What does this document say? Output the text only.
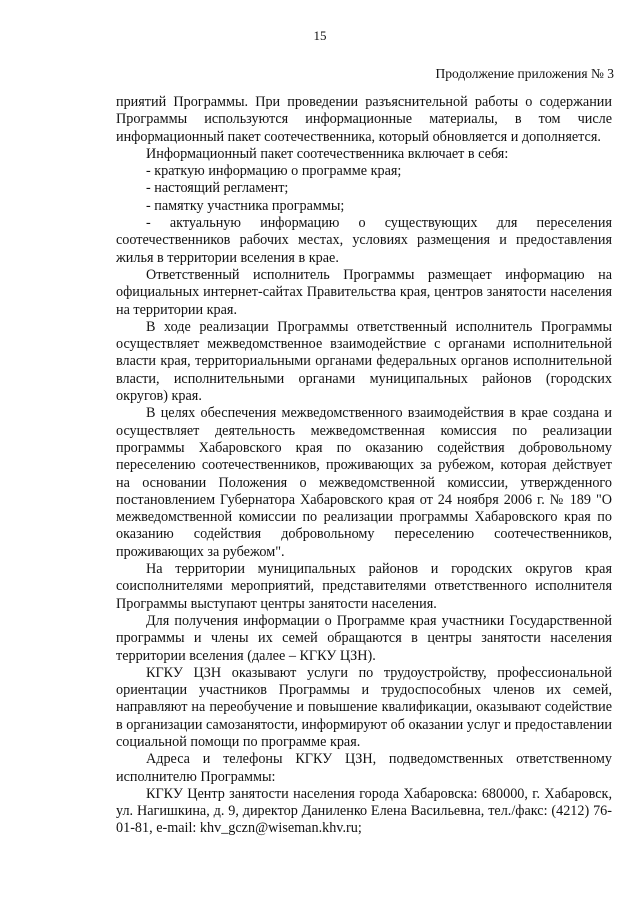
15
Продолжение приложения № 3

приятий Программы. При проведении разъяснительной работы о содержании Программы используются информационные материалы, в том числе информационный пакет соотечественника, который обновляется и дополняется.

Информационный пакет соотечественника включает в себя:

- краткую информацию о программе края;

- настоящий регламент;

- памятку участника программы;

- актуальную информацию о существующих для переселения соотечественников рабочих местах, условиях размещения и предоставления жилья в территории вселения в крае.

Ответственный исполнитель Программы размещает информацию на официальных интернет-сайтах Правительства края, центров занятости населения на территории края.

В ходе реализации Программы ответственный исполнитель Программы осуществляет межведомственное взаимодействие с органами исполнительной власти края, территориальными органами федеральных органов исполнительной власти, исполнительными органами муниципальных районов (городских округов) края.

В целях обеспечения межведомственного взаимодействия в крае создана и осуществляет деятельность межведомственная комиссия по реализации программы Хабаровского края по оказанию содействия добровольному переселению соотечественников, проживающих за рубежом, которая действует на основании Положения о межведомственной комиссии, утвержденного постановлением Губернатора Хабаровского края от 24 ноября 2006 г. № 189 "О межведомственной комиссии по реализации программы Хабаровского края по оказанию содействия добровольному переселению соотечественников, проживающих за рубежом".

На территории муниципальных районов и городских округов края соисполнителями мероприятий, представителями ответственного исполнителя Программы выступают центры занятости населения.

Для получения информации о Программе края участники Государственной программы и члены их семей обращаются в центры занятости населения территории вселения (далее – КГКУ ЦЗН).

КГКУ ЦЗН оказывают услуги по трудоустройству, профессиональной ориентации участников Программы и трудоспособных членов их семей, направляют на переобучение и повышение квалификации, оказывают содействие в организации самозанятости, информируют об оказании услуг и предоставлении социальной помощи по программе края.

Адреса и телефоны КГКУ ЦЗН, подведомственных ответственному исполнителю Программы:

КГКУ Центр занятости населения города Хабаровска: 680000, г. Хабаровск, ул. Нагишкина, д. 9, директор Даниленко Елена Васильевна, тел./факс: (4212) 76-01-81, e-mail: khv_gczn@wiseman.khv.ru;
